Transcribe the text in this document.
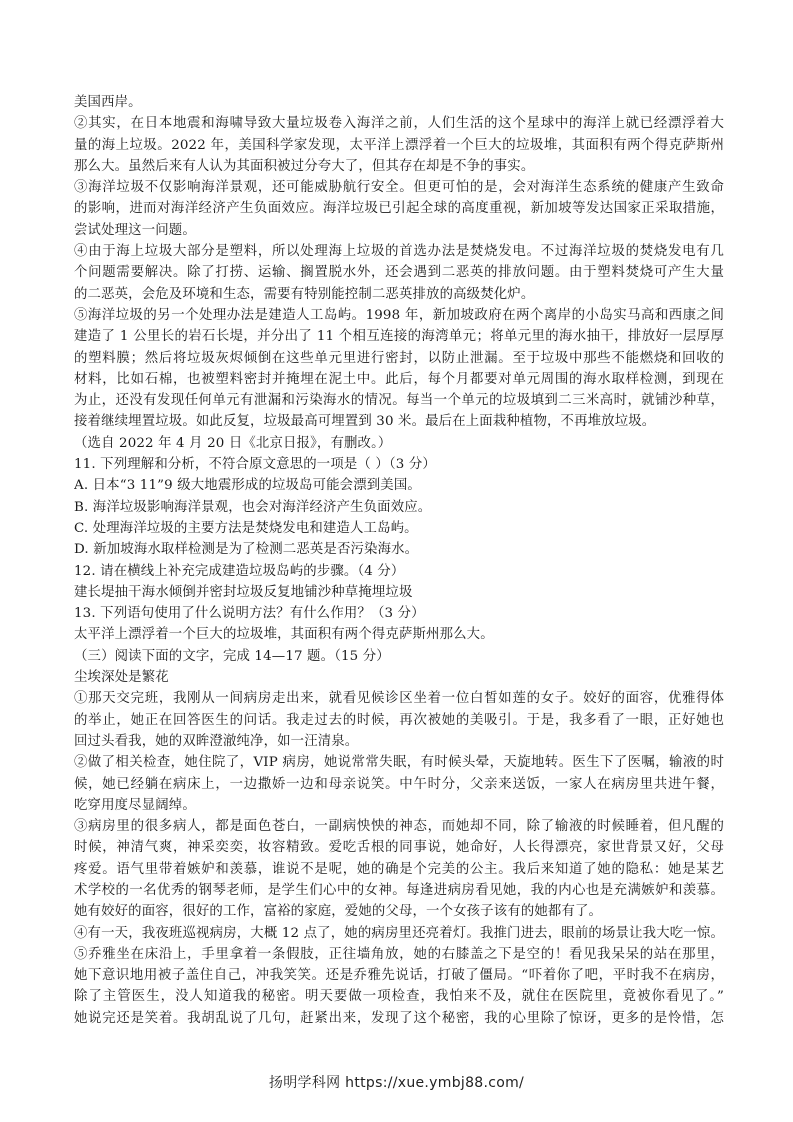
美国西岸。
②其实，在日本地震和海啸导致大量垃圾卷入海洋之前，人们生活的这个星球中的海洋上就已经漂浮着大
量的海上垃圾。2022 年，美国科学家发现，太平洋上漂浮着一个巨大的垃圾堆，其面积有两个得克萨斯州
那么大。虽然后来有人认为其面积被过分夸大了，但其存在却是不争的事实。
③海洋垃圾不仅影响海洋景观，还可能威胁航行安全。但更可怕的是，会对海洋生态系统的健康产生致命
的影响，进而对海洋经济产生负面效应。海洋垃圾已引起全球的高度重视，新加坡等发达国家正采取措施，
尝试处理这一问题。
④由于海上垃圾大部分是塑料，所以处理海上垃圾的首选办法是焚烧发电。不过海洋垃圾的焚烧发电有几
个问题需要解决。除了打捞、运输、搁置脱水外，还会遇到二恶英的排放问题。由于塑料焚烧可产生大量
的二恶英，会危及环境和生态，需要有特别能控制二恶英排放的高级焚化炉。
⑤海洋垃圾的另一个处理办法是建造人工岛屿。1998 年，新加坡政府在两个离岸的小岛实马高和西康之间
建造了 1 公里长的岩石长堤，并分出了 11 个相互连接的海湾单元；将单元里的海水抽干，排放好一层厚厚
的塑料膜；然后将垃圾灰烬倾倒在这些单元里进行密封，以防止泄漏。至于垃圾中那些不能燃烧和回收的
材料，比如石棉，也被塑料密封并掩埋在泥土中。此后，每个月都要对单元周围的海水取样检测，到现在
为止，还没有发现任何单元有泄漏和污染海水的情况。每当一个单元的垃圾填到二三米高时，就铺沙种草，
接着继续埋置垃圾。如此反复，垃圾最高可埋置到 30 米。最后在上面栽种植物，不再堆放垃圾。
（选自 2022 年 4 月 20 日《北京日报》，有删改。）
11. 下列理解和分析，不符合原文意思的一项是（ ）（3 分）
A. 日本“3 11”9 级大地震形成的垃圾岛可能会漂到美国。
B. 海洋垃圾影响海洋景观，也会对海洋经济产生负面效应。
C. 处理海洋垃圾的主要方法是焚烧发电和建造人工岛屿。
D. 新加坡海水取样检测是为了检测二恶英是否污染海水。
12. 请在横线上补充完成建造垃圾岛屿的步骤。（4 分）
建长堤抽干海水倾倒并密封垃圾反复地铺沙种草掩埋垃圾
13. 下列语句使用了什么说明方法？有什么作用？（3 分）
太平洋上漂浮着一个巨大的垃圾堆，其面积有两个得克萨斯州那么大。
（三）阅读下面的文字，完成 14—17 题。（15 分）
尘埃深处是繁花
①那天交完班，我刚从一间病房走出来，就看见候诊区坐着一位白皙如莲的女子。姣好的面容，优雅得体
的举止，她正在回答医生的问话。我走过去的时候，再次被她的美吸引。于是，我多看了一眼，正好她也
回过头看我，她的双眸澄澈纯净，如一汪清泉。
②做了相关检查，她住院了，VIP 病房，她说常常失眠，有时候头晕，天旋地转。医生下了医嘱，输液的时
候，她已经躺在病床上，一边撒娇一边和母亲说笑。中午时分，父亲来送饭，一家人在病房里共进午餐，
吃穿用度尽显阔绰。
③病房里的很多病人，都是面色苍白，一副病怏怏的神态，而她却不同，除了输液的时候睡着，但凡醒的
时候，神清气爽，神采奕奕，妆容精致。爱吃舌根的同事说，她命好，人长得漂亮，家世背景又好，父母
疼爱。语气里带着嫉妒和羡慕，谁说不是呢，她的确是个完美的公主。我后来知道了她的隐私：她是某艺
术学校的一名优秀的钢琴老师，是学生们心中的女神。每逢进病房看见她，我的内心也是充满嫉妒和羡慕。
她有姣好的面容，很好的工作，富裕的家庭，爱她的父母，一个女孩子该有的她都有了。
④有一天，我夜班巡视病房，大概 12 点了，她的病房里还亮着灯。我推门进去，眼前的场景让我大吃一惊。
⑤乔雅坐在床沿上，手里拿着一条假肢，正往墙角放，她的右膝盖之下是空的！看见我呆呆的站在那里，
她下意识地用被子盖住自己，冲我笑笑。还是乔雅先说话，打破了僵局。“吓着你了吧，平时我不在病房，
除了主管医生，没人知道我的秘密。明天要做一项检查，我怕来不及，就住在医院里，竟被你看见了。”
她说完还是笑着。我胡乱说了几句，赶紧出来，发现了这个秘密，我的心里除了惊讶，更多的是怜惜，怎
扬明学科网 https://xue.ymbj88.com/
